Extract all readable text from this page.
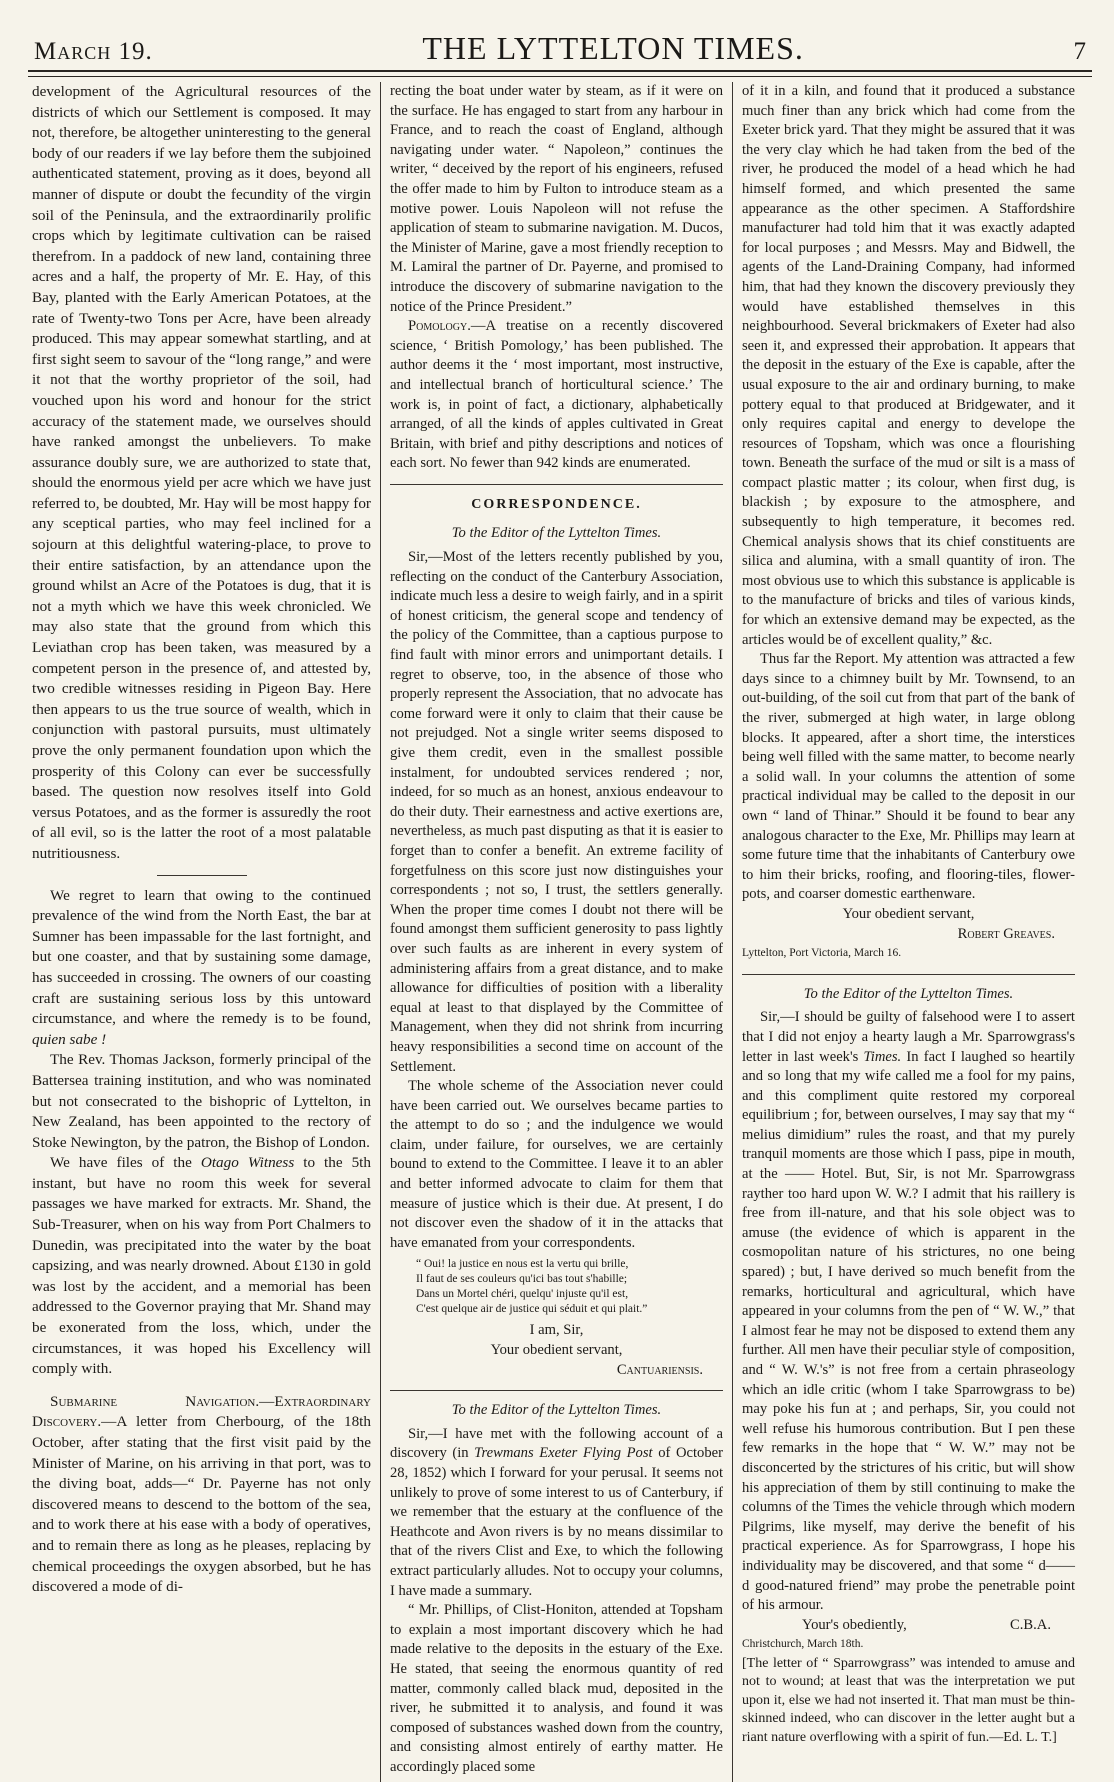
March 19.	THE LYTTELTON TIMES.	7

development of the Agricultural resources of the districts of which our Settlement is composed. It may not, therefore, be altogether uninteresting to the general body of our readers if we lay before them the subjoined authenticated statement, proving as it does, beyond all manner of dispute or doubt the fecundity of the virgin soil of the Peninsula, and the extraordinarily prolific crops which by legitimate cultivation can be raised therefrom. In a paddock of new land, containing three acres and a half, the property of Mr. E. Hay, of this Bay, planted with the Early American Potatoes, at the rate of Twenty-two Tons per Acre, have been already produced. This may appear somewhat startling, and at first sight seem to savour of the “long range,” and were it not that the worthy proprietor of the soil, had vouched upon his word and honour for the strict accuracy of the statement made, we ourselves should have ranked amongst the unbelievers. To make assurance doubly sure, we are authorized to state that, should the enormous yield per acre which we have just referred to, be doubted, Mr. Hay will be most happy for any sceptical parties, who may feel inclined for a sojourn at this delightful watering-place, to prove to their entire satisfaction, by an attendance upon the ground whilst an Acre of the Potatoes is dug, that it is not a myth which we have this week chronicled. We may also state that the ground from which this Leviathan crop has been taken, was measured by a competent person in the presence of, and attested by, two credible witnesses residing in Pigeon Bay. Here then appears to us the true source of wealth, which in conjunction with pastoral pursuits, must ultimately prove the only permanent foundation upon which the prosperity of this Colony can ever be successfully based. The question now resolves itself into Gold versus Potatoes, and as the former is assuredly the root of all evil, so is the latter the root of a most palatable nutritiousness.

We regret to learn that owing to the continued prevalence of the wind from the North East, the bar at Sumner has been impassable for the last fortnight, and but one coaster, and that by sustaining some damage, has succeeded in crossing. The owners of our coasting craft are sustaining serious loss by this untoward circumstance, and where the remedy is to be found, quien sabe !

The Rev. Thomas Jackson, formerly principal of the Battersea training institution, and who was nominated but not consecrated to the bishopric of Lyttelton, in New Zealand, has been appointed to the rectory of Stoke Newington, by the patron, the Bishop of London.

We have files of the Otago Witness to the 5th instant, but have no room this week for several passages we have marked for extracts. Mr. Shand, the Sub-Treasurer, when on his way from Port Chalmers to Dunedin, was precipitated into the water by the boat capsizing, and was nearly drowned. About £130 in gold was lost by the accident, and a memorial has been addressed to the Governor praying that Mr. Shand may be exonerated from the loss, which, under the circumstances, it was hoped his Excellency will comply with.

Submarine Navigation.—Extraordinary Discovery.—A letter from Cherbourg, of the 18th October, after stating that the first visit paid by the Minister of Marine, on his arriving in that port, was to the diving boat, adds—“ Dr. Payerne has not only discovered means to descend to the bottom of the sea, and to work there at his ease with a body of operatives, and to remain there as long as he pleases, replacing by chemical proceedings the oxygen absorbed, but he has discovered a mode of di-

recting the boat under water by steam, as if it were on the surface. He has engaged to start from any harbour in France, and to reach the coast of England, although navigating under water. “ Napoleon,” continues the writer, “ deceived by the report of his engineers, refused the offer made to him by Fulton to introduce steam as a motive power. Louis Napoleon will not refuse the application of steam to submarine navigation. M. Ducos, the Minister of Marine, gave a most friendly reception to M. Lamiral the partner of Dr. Payerne, and promised to introduce the discovery of submarine navigation to the notice of the Prince President.”

Pomology.—A treatise on a recently discovered science, ‘ British Pomology,’ has been published. The author deems it the ‘ most important, most instructive, and intellectual branch of horticultural science.’ The work is, in point of fact, a dictionary, alphabetically arranged, of all the kinds of apples cultivated in Great Britain, with brief and pithy descriptions and notices of each sort. No fewer than 942 kinds are enumerated.

CORRESPONDENCE.
To the Editor of the Lyttelton Times.

Sir,—Most of the letters recently published by you, reflecting on the conduct of the Canterbury Association, indicate much less a desire to weigh fairly, and in a spirit of honest criticism, the general scope and tendency of the policy of the Committee, than a captious purpose to find fault with minor errors and unimportant details. I regret to observe, too, in the absence of those who properly represent the Association, that no advocate has come forward were it only to claim that their cause be not prejudged. Not a single writer seems disposed to give them credit, even in the smallest possible instalment, for undoubted services rendered ; nor, indeed, for so much as an honest, anxious endeavour to do their duty. Their earnestness and active exertions are, nevertheless, as much past disputing as that it is easier to forget than to confer a benefit. An extreme facility of forgetfulness on this score just now distinguishes your correspondents ; not so, I trust, the settlers generally. When the proper time comes I doubt not there will be found amongst them sufficient generosity to pass lightly over such faults as are inherent in every system of administering affairs from a great distance, and to make allowance for difficulties of position with a liberality equal at least to that displayed by the Committee of Management, when they did not shrink from incurring heavy responsibilities a second time on account of the Settlement.

The whole scheme of the Association never could have been carried out. We ourselves became parties to the attempt to do so ; and the indulgence we would claim, under failure, for ourselves, we are certainly bound to extend to the Committee. I leave it to an abler and better informed advocate to claim for them that measure of justice which is their due. At present, I do not discover even the shadow of it in the attacks that have emanated from your correspondents.

“ Oui! la justice en nous est la vertu qui brille,
Il faut de ses couleurs qu'ici bas tout s'habille;
Dans un Mortel chéri, quelqu' injuste qu'il est,
C'est quelque air de justice qui séduit et qui plait.”

I am, Sir,

Your obedient servant,

Cantuariensis.

To the Editor of the Lyttelton Times.

Sir,—I have met with the following account of a discovery (in Trewmans Exeter Flying Post of October 28, 1852) which I forward for your perusal. It seems not unlikely to prove of some interest to us of Canterbury, if we remember that the estuary at the confluence of the Heathcote and Avon rivers is by no means dissimilar to that of the rivers Clist and Exe, to which the following extract particularly alludes. Not to occupy your columns, I have made a summary.

“ Mr. Phillips, of Clist-Honiton, attended at Topsham to explain a most important discovery which he had made relative to the deposits in the estuary of the Exe. He stated, that seeing the enormous quantity of red matter, commonly called black mud, deposited in the river, he submitted it to analysis, and found it was composed of substances washed down from the country, and consisting almost entirely of earthy matter. He accordingly placed some

of it in a kiln, and found that it produced a substance much finer than any brick which had come from the Exeter brick yard. That they might be assured that it was the very clay which he had taken from the bed of the river, he produced the model of a head which he had himself formed, and which presented the same appearance as the other specimen. A Staffordshire manufacturer had told him that it was exactly adapted for local purposes ; and Messrs. May and Bidwell, the agents of the Land-Draining Company, had informed him, that had they known the discovery previously they would have established themselves in this neighbourhood. Several brickmakers of Exeter had also seen it, and expressed their approbation. It appears that the deposit in the estuary of the Exe is capable, after the usual exposure to the air and ordinary burning, to make pottery equal to that produced at Bridgewater, and it only requires capital and energy to develope the resources of Topsham, which was once a flourishing town. Beneath the surface of the mud or silt is a mass of compact plastic matter ; its colour, when first dug, is blackish ; by exposure to the atmosphere, and subsequently to high temperature, it becomes red. Chemical analysis shows that its chief constituents are silica and alumina, with a small quantity of iron. The most obvious use to which this substance is applicable is to the manufacture of bricks and tiles of various kinds, for which an extensive demand may be expected, as the articles would be of excellent quality,” &c.

Thus far the Report. My attention was attracted a few days since to a chimney built by Mr. Townsend, to an out-building, of the soil cut from that part of the bank of the river, submerged at high water, in large oblong blocks. It appeared, after a short time, the interstices being well filled with the same matter, to become nearly a solid wall. In your columns the attention of some practical individual may be called to the deposit in our own “ land of Thinar.” Should it be found to bear any analogous character to the Exe, Mr. Phillips may learn at some future time that the inhabitants of Canterbury owe to him their bricks, roofing, and flooring-tiles, flower-pots, and coarser domestic earthenware.

Your obedient servant,

Robert Greaves.

Lyttelton, Port Victoria, March 16.

To the Editor of the Lyttelton Times.

Sir,—I should be guilty of falsehood were I to assert that I did not enjoy a hearty laugh a Mr. Sparrowgrass's letter in last week's Times. In fact I laughed so heartily and so long that my wife called me a fool for my pains, and this compliment quite restored my corporeal equilibrium ; for, between ourselves, I may say that my “ melius dimidium” rules the roast, and that my purely tranquil moments are those which I pass, pipe in mouth, at the —— Hotel. But, Sir, is not Mr. Sparrowgrass rayther too hard upon W. W.? I admit that his raillery is free from ill-nature, and that his sole object was to amuse (the evidence of which is apparent in the cosmopolitan nature of his strictures, no one being spared) ; but, I have derived so much benefit from the remarks, horticultural and agricultural, which have appeared in your columns from the pen of “ W. W.,” that I almost fear he may not be disposed to extend them any further. All men have their peculiar style of composition, and “ W. W.'s” is not free from a certain phraseology which an idle critic (whom I take Sparrowgrass to be) may poke his fun at ; and perhaps, Sir, you could not well refuse his humorous contribution. But I pen these few remarks in the hope that “ W. W.” may not be disconcerted by the strictures of his critic, but will show his appreciation of them by still continuing to make the columns of the Times the vehicle through which modern Pilgrims, like myself, may derive the benefit of his practical experience. As for Sparrowgrass, I hope his individuality may be discovered, and that some “ d——d good-natured friend” may probe the penetrable point of his armour.

Your's obediently,	C.B.A.

Christchurch, March 18th.

[The letter of “ Sparrowgrass” was intended to amuse and not to wound; at least that was the interpretation we put upon it, else we had not inserted it. That man must be thin-skinned indeed, who can discover in the letter aught but a riant nature overflowing with a spirit of fun.—Ed. L. T.]
